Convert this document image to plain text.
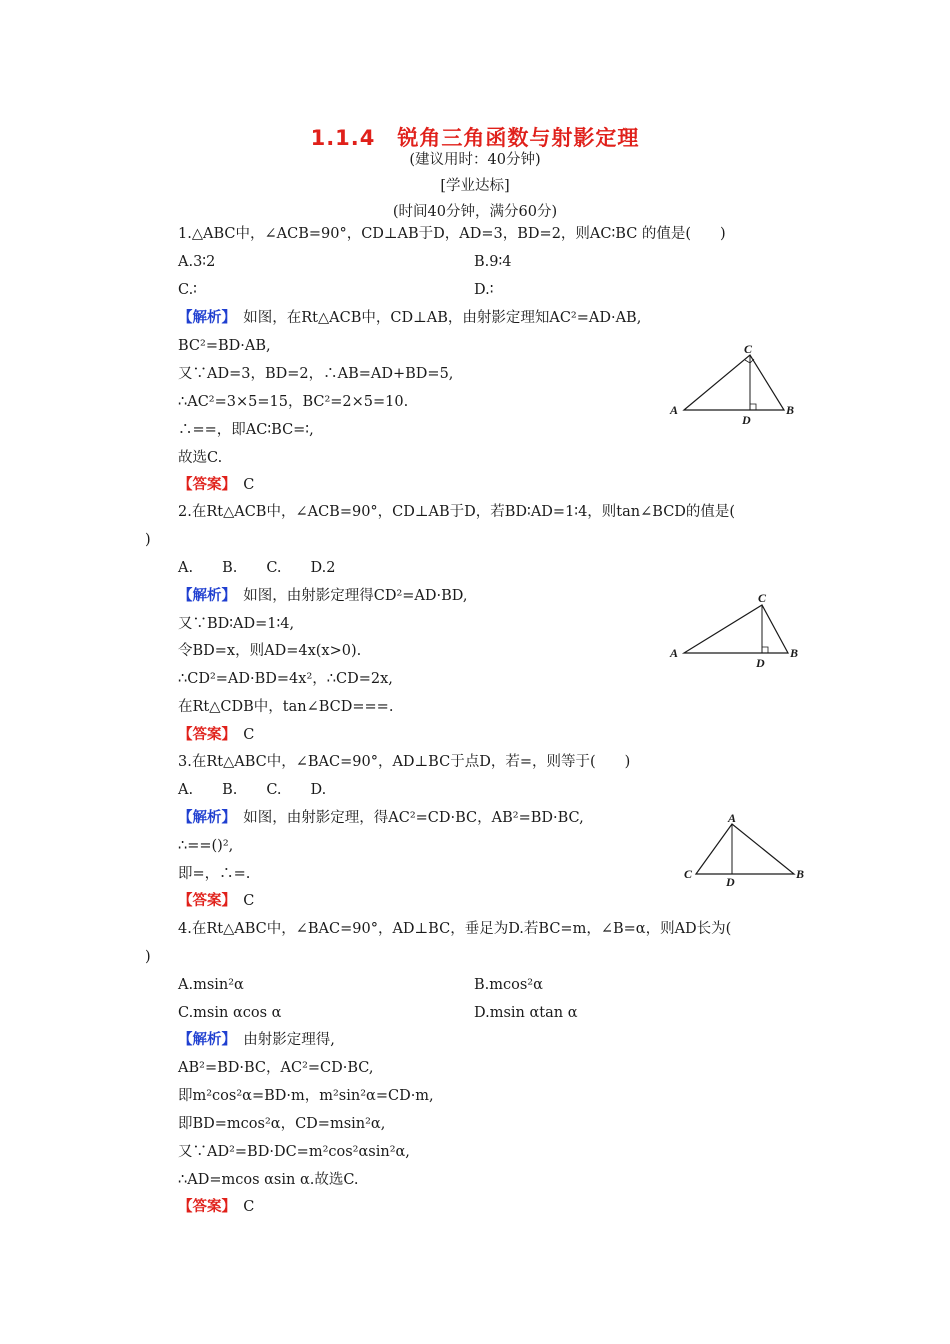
1.1.4　锐角三角函数与射影定理
(建议用时：40分钟)
[学业达标]
(时间40分钟，满分60分)
1.△ABC中，∠ACB=90°，CD⊥AB于D，AD=3，BD=2，则AC∶BC 的值是(　　)
A.3∶2	B.9∶4
C.∶	D.∶
【解析】　如图，在Rt△ACB中，CD⊥AB，由射影定理知AC²=AD·AB,
BC²=BD·AB,
又∵AD=3，BD=2，∴AB=AD+BD=5,
∴AC²=3×5=15，BC²=2×5=10.
∴==，即AC∶BC=∶,
故选C.
【答案】　C
A
C
B
D
2.在Rt△ACB中，∠ACB=90°，CD⊥AB于D，若BD∶AD=1∶4，则tan∠BCD的值是(
)
A.　　B.　　C.　　D.2
【解析】　如图，由射影定理得CD²=AD·BD,
又∵BD∶AD=1∶4,
令BD=x，则AD=4x(x>0).
∴CD²=AD·BD=4x²，∴CD=2x,
在Rt△CDB中，tan∠BCD===.
【答案】　C
A
C
B
D
3.在Rt△ABC中，∠BAC=90°，AD⊥BC于点D，若=，则等于(　　)
A.　　B.　　C.　　D.
【解析】　如图，由射影定理，得AC²=CD·BC，AB²=BD·BC,
∴==()²,
即=，∴=.
【答案】　C
A
C	B
D
4.在Rt△ABC中，∠BAC=90°，AD⊥BC，垂足为D.若BC=m，∠B=α，则AD长为(
)
A.msin²α	B.mcos²α
C.msin αcos α	D.msin αtan α
【解析】　由射影定理得,
AB²=BD·BC，AC²=CD·BC,
即m²cos²α=BD·m，m²sin²α=CD·m,
即BD=mcos²α，CD=msin²α,
又∵AD²=BD·DC=m²cos²αsin²α,
∴AD=mcos αsin α.故选C.
【答案】　C
